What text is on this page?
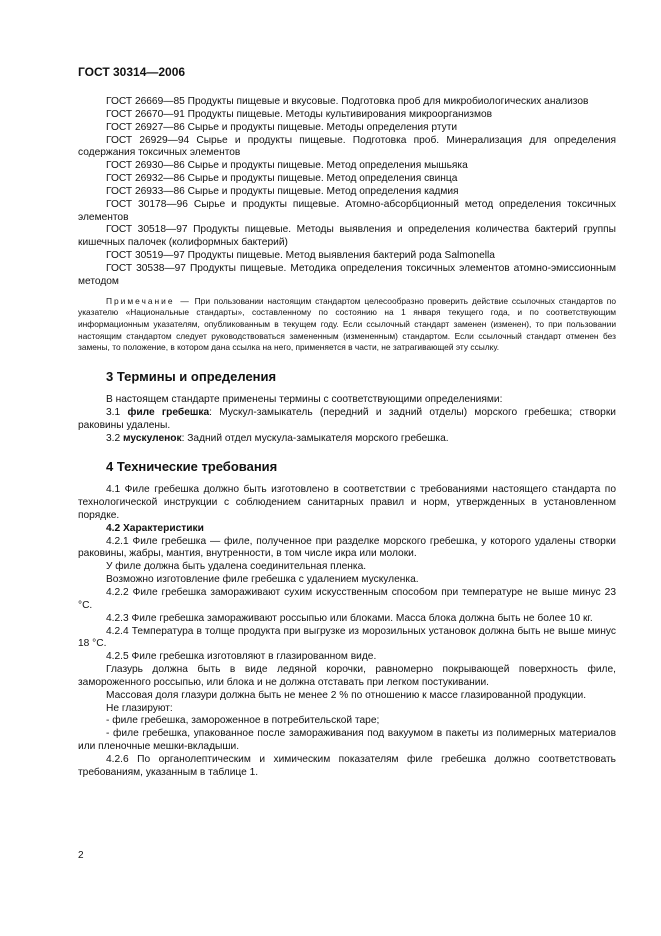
ГОСТ 30314—2006

ГОСТ 26669—85 Продукты пищевые и вкусовые. Подготовка проб для микробиологических анализов

ГОСТ 26670—91 Продукты пищевые. Методы культивирования микроорганизмов

ГОСТ 26927—86 Сырье и продукты пищевые. Методы определения ртути

ГОСТ 26929—94 Сырье и продукты пищевые. Подготовка проб. Минерализация для определения содержания токсичных элементов

ГОСТ 26930—86 Сырье и продукты пищевые. Метод определения мышьяка

ГОСТ 26932—86 Сырье и продукты пищевые. Метод определения свинца

ГОСТ 26933—86 Сырье и продукты пищевые. Метод определения кадмия

ГОСТ 30178—96 Сырье и продукты пищевые. Атомно-абсорбционный метод определения токсичных элементов

ГОСТ 30518—97 Продукты пищевые. Методы выявления и определения количества бактерий группы кишечных палочек (колиформных бактерий)

ГОСТ 30519—97 Продукты пищевые. Метод выявления бактерий рода Salmonella

ГОСТ 30538—97 Продукты пищевые. Методика определения токсичных элементов атомно-эмиссионным методом

Примечание — При пользовании настоящим стандартом целесообразно проверить действие ссылочных стандартов по указателю «Национальные стандарты», составленному по состоянию на 1 января текущего года, и по соответствующим информационным указателям, опубликованным в текущем году. Если ссылочный стандарт заменен (изменен), то при пользовании настоящим стандартом следует руководствоваться замененным (измененным) стандартом. Если ссылочный стандарт отменен без замены, то положение, в котором дана ссылка на него, применяется в части, не затрагивающей эту ссылку.

3 Термины и определения

В настоящем стандарте применены термины с соответствующими определениями:

3.1 филе гребешка: Мускул-замыкатель (передний и задний отделы) морского гребешка; створки раковины удалены.

3.2 мускуленок: Задний отдел мускула-замыкателя морского гребешка.

4 Технические требования

4.1 Филе гребешка должно быть изготовлено в соответствии с требованиями настоящего стандарта по технологической инструкции с соблюдением санитарных правил и норм, утвержденных в установленном порядке.

4.2 Характеристики

4.2.1 Филе гребешка — филе, полученное при разделке морского гребешка, у которого удалены створки раковины, жабры, мантия, внутренности, в том числе икра или молоки.

У филе должна быть удалена соединительная пленка.

Возможно изготовление филе гребешка с удалением мускуленка.

4.2.2 Филе гребешка замораживают сухим искусственным способом при температуре не выше минус 23 °С.

4.2.3 Филе гребешка замораживают россыпью или блоками. Масса блока должна быть не более 10 кг.

4.2.4 Температура в толще продукта при выгрузке из морозильных установок должна быть не выше минус 18 °С.

4.2.5 Филе гребешка изготовляют в глазированном виде.

Глазурь должна быть в виде ледяной корочки, равномерно покрывающей поверхность филе, замороженного россыпью, или блока и не должна отставать при легком постукивании.

Массовая доля глазури должна быть не менее 2 % по отношению к массе глазированной продукции.

Не глазируют:

- филе гребешка, замороженное в потребительской таре;

- филе гребешка, упакованное после замораживания под вакуумом в пакеты из полимерных материалов или пленочные мешки-вкладыши.

4.2.6 По органолептическим и химическим показателям филе гребешка должно соответствовать требованиям, указанным в таблице 1.

2
